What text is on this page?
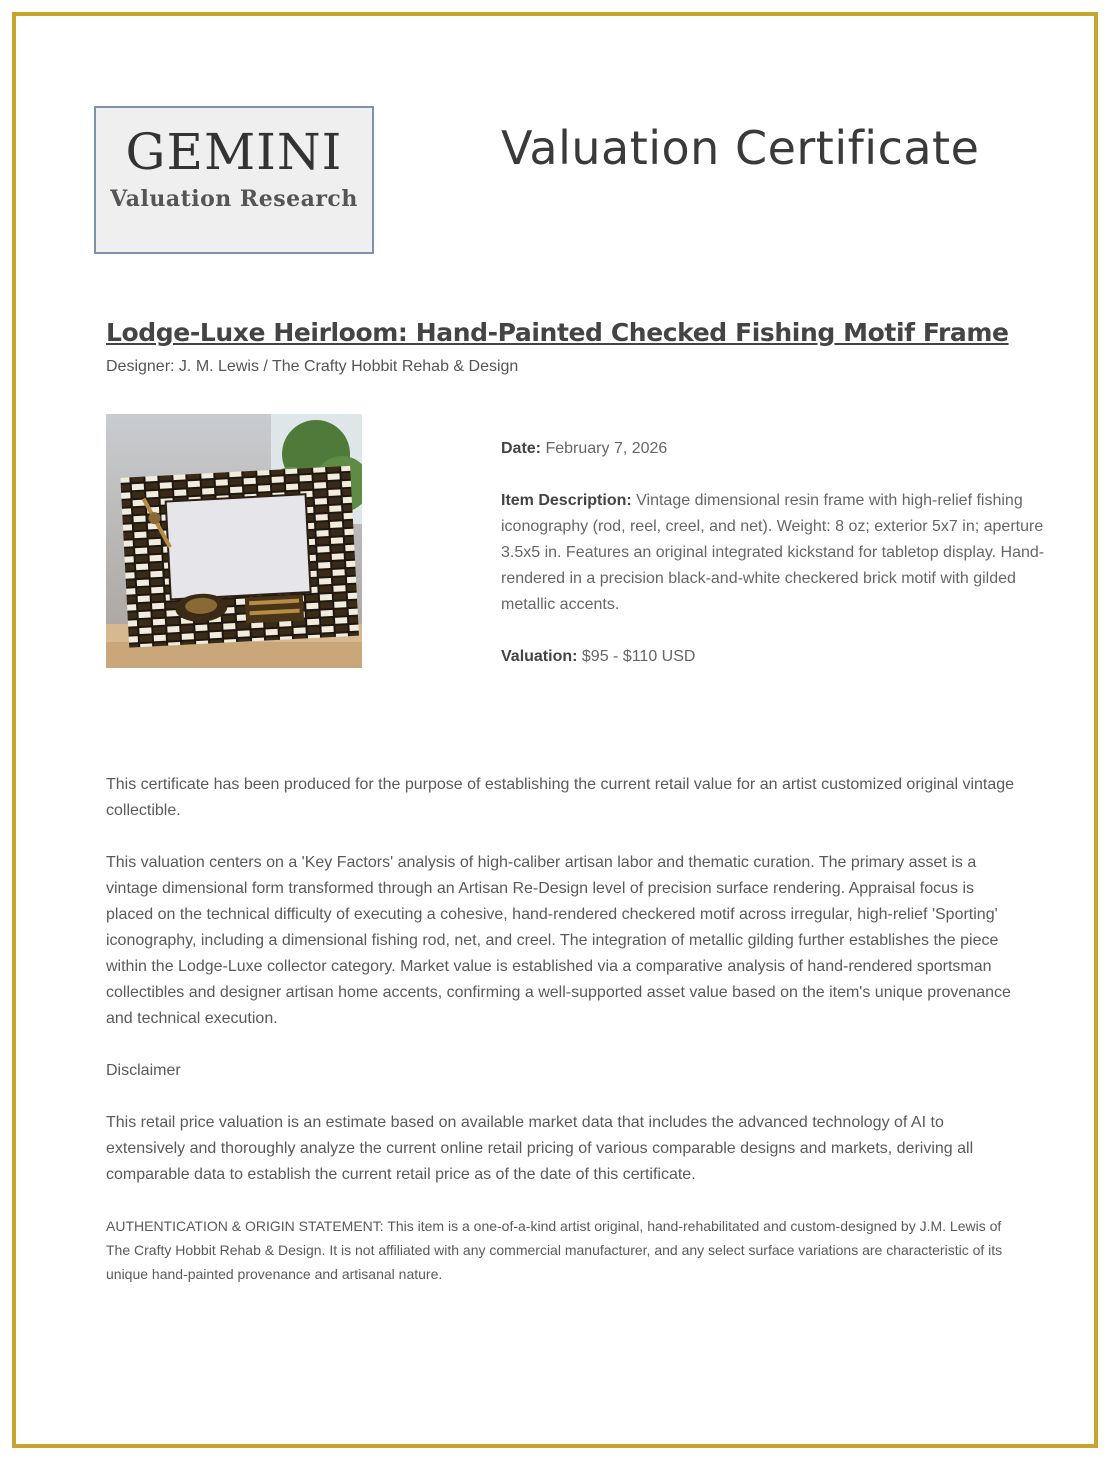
GEMINI
Valuation Research
Valuation Certificate
Lodge-Luxe Heirloom: Hand-Painted Checked Fishing Motif Frame
Designer: J. M. Lewis / The Crafty Hobbit Rehab & Design

Date: February 7, 2026

Item Description: Vintage dimensional resin frame with high-relief fishing iconography (rod, reel, creel, and net). Weight: 8 oz; exterior 5x7 in; aperture 3.5x5 in. Features an original integrated kickstand for tabletop display. Hand-rendered in a precision black-and-white checkered brick motif with gilded metallic accents.

Valuation: $95 - $110 USD

This certificate has been produced for the purpose of establishing the current retail value for an artist customized original vintage collectible.

This valuation centers on a 'Key Factors' analysis of high-caliber artisan labor and thematic curation. The primary asset is a vintage dimensional form transformed through an Artisan Re-Design level of precision surface rendering. Appraisal focus is placed on the technical difficulty of executing a cohesive, hand-rendered checkered motif across irregular, high-relief 'Sporting' iconography, including a dimensional fishing rod, net, and creel. The integration of metallic gilding further establishes the piece within the Lodge-Luxe collector category. Market value is established via a comparative analysis of hand-rendered sportsman collectibles and designer artisan home accents, confirming a well-supported asset value based on the item's unique provenance and technical execution.

Disclaimer

This retail price valuation is an estimate based on available market data that includes the advanced technology of AI to extensively and thoroughly analyze the current online retail pricing of various comparable designs and markets, deriving all comparable data to establish the current retail price as of the date of this certificate.

AUTHENTICATION & ORIGIN STATEMENT: This item is a one-of-a-kind artist original, hand-rehabilitated and custom-designed by J.M. Lewis of The Crafty Hobbit Rehab & Design. It is not affiliated with any commercial manufacturer, and any select surface variations are characteristic of its unique hand-painted provenance and artisanal nature.
